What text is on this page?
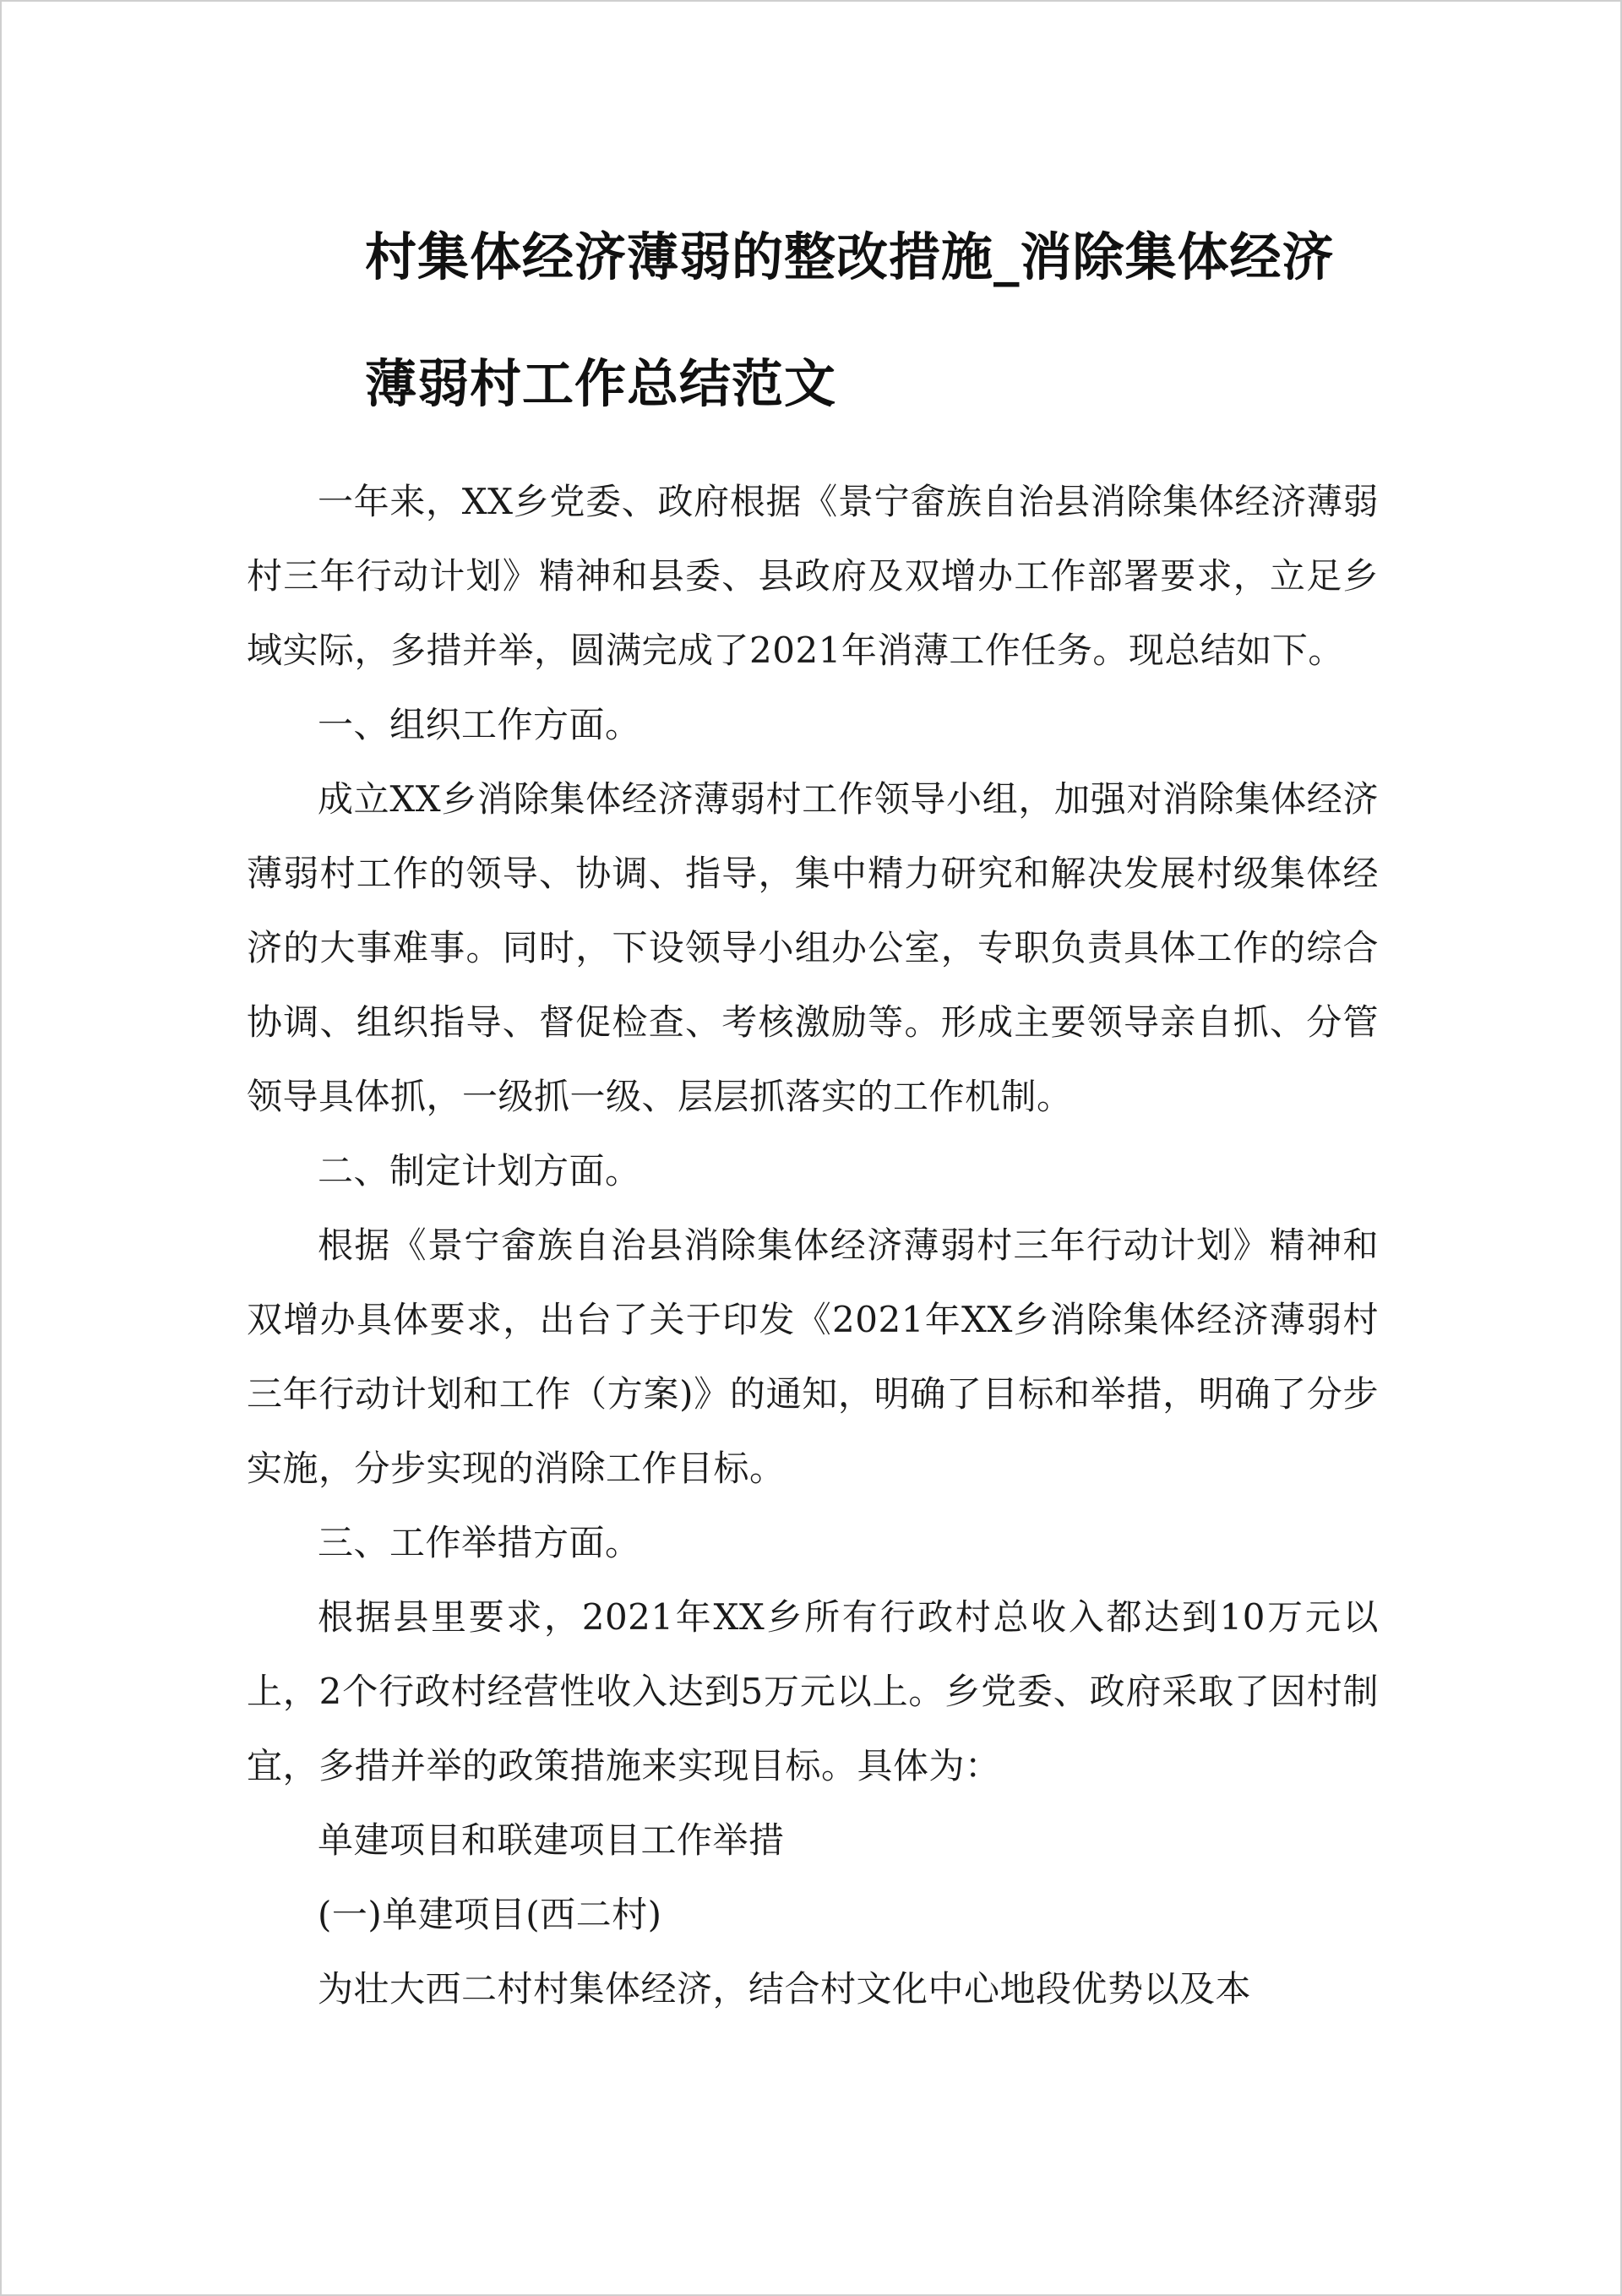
村集体经济薄弱的整改措施_消除集体经济薄弱村工作总结范文

一年来，XX乡党委、政府根据《景宁畲族自治县消除集体经济薄弱村三年行动计划》精神和县委、县政府及双增办工作部署要求，立足乡域实际，多措并举，圆满完成了2021年消薄工作任务。现总结如下。

一、组织工作方面。

成立XX乡消除集体经济薄弱村工作领导小组，加强对消除集体经济薄弱村工作的领导、协调、指导，集中精力研究和解决发展村级集体经济的大事难事。同时，下设领导小组办公室，专职负责具体工作的综合协调、组织指导、督促检查、考核激励等。形成主要领导亲自抓、分管领导具体抓，一级抓一级、层层抓落实的工作机制。

二、制定计划方面。

根据《景宁畲族自治县消除集体经济薄弱村三年行动计划》精神和双增办具体要求，出台了关于印发《2021年XX乡消除集体经济薄弱村三年行动计划和工作（方案)》的通知，明确了目标和举措，明确了分步实施，分步实现的消除工作目标。

三、工作举措方面。

根据县里要求，2021年XX乡所有行政村总收入都达到10万元以上，2个行政村经营性收入达到5万元以上。乡党委、政府采取了因村制宜，多措并举的政策措施来实现目标。具体为：

单建项目和联建项目工作举措

(一)单建项目(西二村)

为壮大西二村村集体经济，结合村文化中心地段优势以及本
